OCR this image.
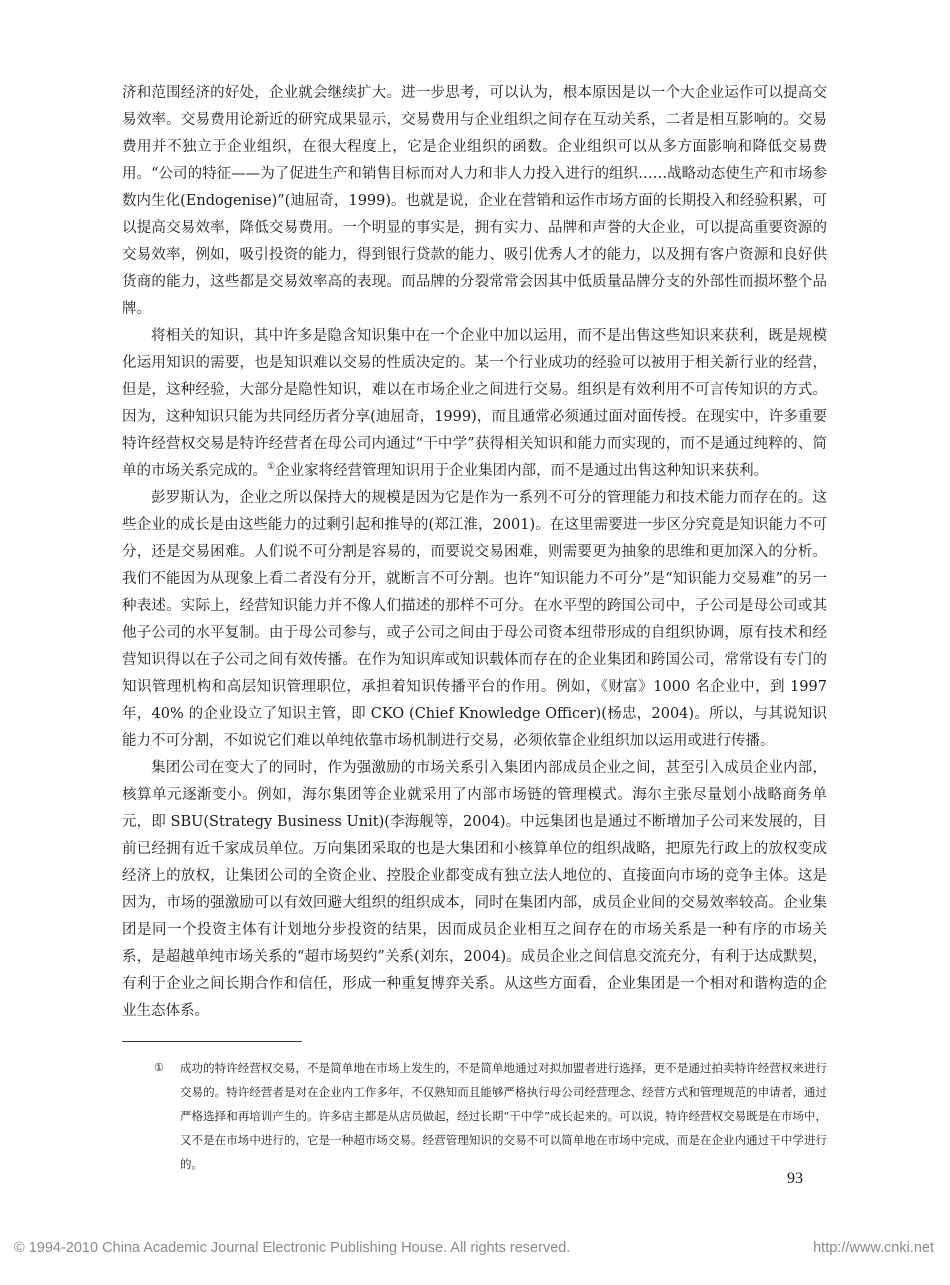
济和范围经济的好处，企业就会继续扩大。进一步思考，可以认为，根本原因是以一个大企业运作可以提高交易效率。交易费用论新近的研究成果显示，交易费用与企业组织之间存在互动关系，二者是相互影响的。交易费用并不独立于企业组织，在很大程度上，它是企业组织的函数。企业组织可以从多方面影响和降低交易费用。“公司的特征——为了促进生产和销售目标而对人力和非人力投入进行的组织……战略动态使生产和市场参数内生化(Endogenise)”(迪屈奇，1999)。也就是说，企业在营销和运作市场方面的长期投入和经验积累，可以提高交易效率，降低交易费用。一个明显的事实是，拥有实力、品牌和声誉的大企业，可以提高重要资源的交易效率，例如，吸引投资的能力，得到银行贷款的能力、吸引优秀人才的能力，以及拥有客户资源和良好供货商的能力，这些都是交易效率高的表现。而品牌的分裂常常会因其中低质量品牌分支的外部性而损坏整个品牌。

将相关的知识，其中许多是隐含知识集中在一个企业中加以运用，而不是出售这些知识来获利，既是规模化运用知识的需要，也是知识难以交易的性质决定的。某一个行业成功的经验可以被用于相关新行业的经营，但是，这种经验，大部分是隐性知识，难以在市场企业之间进行交易。组织是有效利用不可言传知识的方式。因为，这种知识只能为共同经历者分享(迪屈奇，1999)，而且通常必须通过面对面传授。在现实中，许多重要特许经营权交易是特许经营者在母公司内通过“干中学”获得相关知识和能力而实现的，而不是通过纯粹的、简单的市场关系完成的。①企业家将经营管理知识用于企业集团内部，而不是通过出售这种知识来获利。

彭罗斯认为，企业之所以保持大的规模是因为它是作为一系列不可分的管理能力和技术能力而存在的。这些企业的成长是由这些能力的过剩引起和推导的(郑江淮，2001)。在这里需要进一步区分究竟是知识能力不可分，还是交易困难。人们说不可分割是容易的，而要说交易困难，则需要更为抽象的思维和更加深入的分析。我们不能因为从现象上看二者没有分开，就断言不可分割。也许“知识能力不可分”是“知识能力交易难”的另一种表述。实际上，经营知识能力并不像人们描述的那样不可分。在水平型的跨国公司中，子公司是母公司或其他子公司的水平复制。由于母公司参与，或子公司之间由于母公司资本纽带形成的自组织协调，原有技术和经营知识得以在子公司之间有效传播。在作为知识库或知识载体而存在的企业集团和跨国公司，常常设有专门的知识管理机构和高层知识管理职位，承担着知识传播平台的作用。例如，《财富》1000 名企业中，到 1997 年，40% 的企业设立了知识主管，即 CKO (Chief Knowledge Officer)(杨忠，2004)。所以，与其说知识能力不可分割，不如说它们难以单纯依靠市场机制进行交易，必须依靠企业组织加以运用或进行传播。

集团公司在变大了的同时，作为强激励的市场关系引入集团内部成员企业之间，甚至引入成员企业内部，核算单元逐渐变小。例如，海尔集团等企业就采用了内部市场链的管理模式。海尔主张尽量划小战略商务单元，即 SBU(Strategy Business Unit)(李海舰等，2004)。中远集团也是通过不断增加子公司来发展的，目前已经拥有近千家成员单位。万向集团采取的也是大集团和小核算单位的组织战略，把原先行政上的放权变成经济上的放权，让集团公司的全资企业、控股企业都变成有独立法人地位的、直接面向市场的竞争主体。这是因为，市场的强激励可以有效回避大组织的组织成本，同时在集团内部，成员企业间的交易效率较高。企业集团是同一个投资主体有计划地分步投资的结果，因而成员企业相互之间存在的市场关系是一种有序的市场关系，是超越单纯市场关系的“超市场契约”关系(刘东，2004)。成员企业之间信息交流充分，有利于达成默契，有利于企业之间长期合作和信任，形成一种重复博弈关系。从这些方面看，企业集团是一个相对和谐构造的企业生态体系。

① 成功的特许经营权交易，不是简单地在市场上发生的，不是简单地通过对拟加盟者进行选择，更不是通过拍卖特许经营权来进行交易的。特许经营者是对在企业内工作多年，不仅熟知而且能够严格执行母公司经营理念、经营方式和管理规范的申请者，通过严格选择和再培训产生的。许多店主都是从店员做起，经过长期“干中学”成长起来的。可以说，特许经营权交易既是在市场中，又不是在市场中进行的，它是一种超市场交易。经营管理知识的交易不可以简单地在市场中完成，而是在企业内通过干中学进行的。
93
© 1994-2010 China Academic Journal Electronic Publishing House. All rights reserved.	http://www.cnki.net
